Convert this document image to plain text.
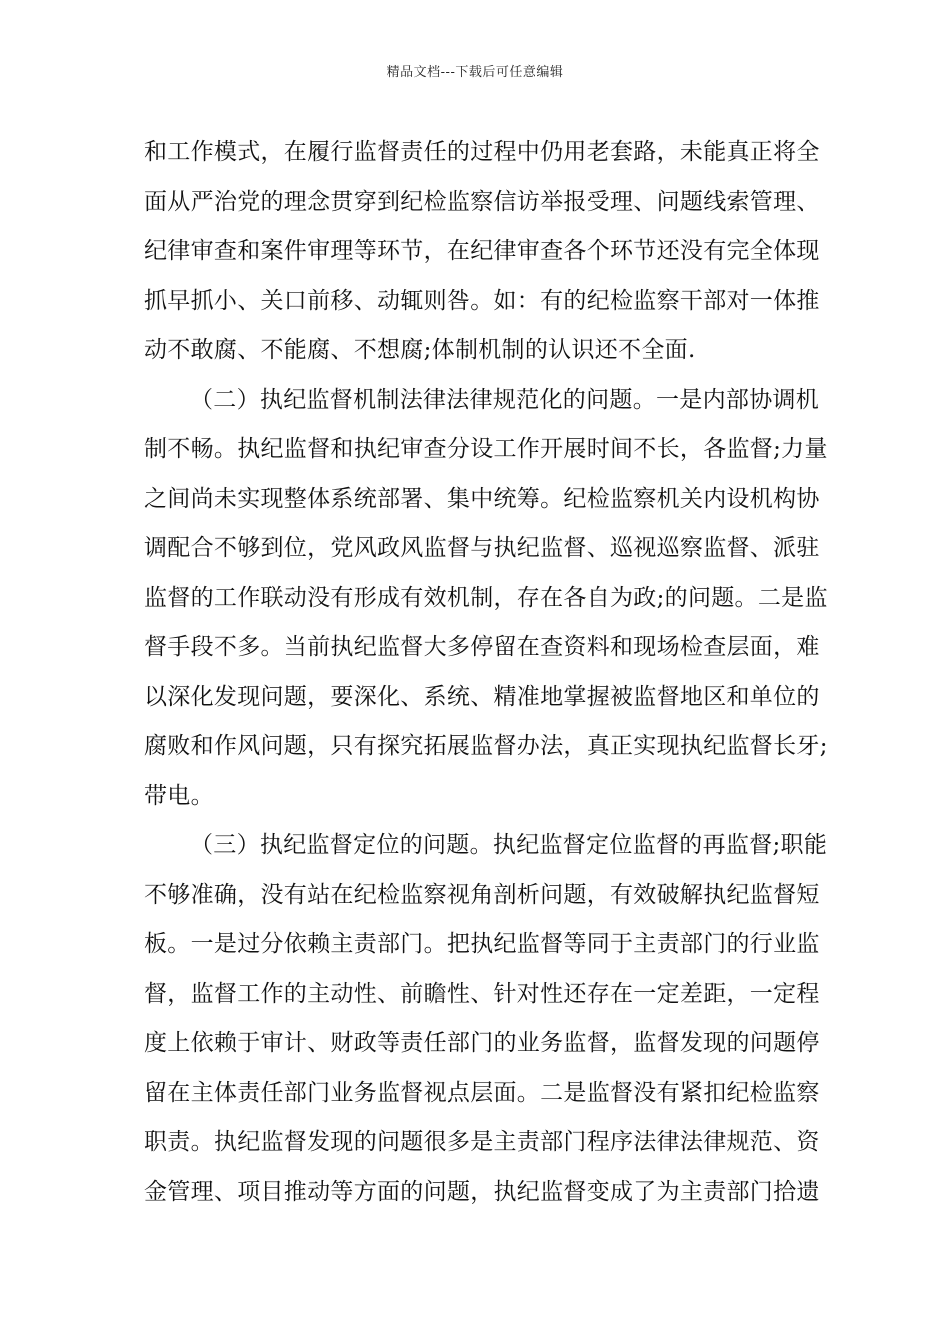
精品文档---下载后可任意编辑
和工作模式，在履行监督责任的过程中仍用老套路，未能真正将全
面从严治党的理念贯穿到纪检监察信访举报受理、问题线索管理、
纪律审查和案件审理等环节，在纪律审查各个环节还没有完全体现
抓早抓小、关口前移、动辄则咎。如：有的纪检监察干部对一体推
动不敢腐、不能腐、不想腐;体制机制的认识还不全面.
（二）执纪监督机制法律法律规范化的问题。一是内部协调机
制不畅。执纪监督和执纪审查分设工作开展时间不长，各监督;力量
之间尚未实现整体系统部署、集中统筹。纪检监察机关内设机构协
调配合不够到位，党风政风监督与执纪监督、巡视巡察监督、派驻
监督的工作联动没有形成有效机制，存在各自为政;的问题。二是监
督手段不多。当前执纪监督大多停留在查资料和现场检查层面，难
以深化发现问题，要深化、系统、精准地掌握被监督地区和单位的
腐败和作风问题，只有探究拓展监督办法，真正实现执纪监督长牙;
带电。
（三）执纪监督定位的问题。执纪监督定位监督的再监督;职能
不够准确，没有站在纪检监察视角剖析问题，有效破解执纪监督短
板。一是过分依赖主责部门。把执纪监督等同于主责部门的行业监
督，监督工作的主动性、前瞻性、针对性还存在一定差距，一定程
度上依赖于审计、财政等责任部门的业务监督，监督发现的问题停
留在主体责任部门业务监督视点层面。二是监督没有紧扣纪检监察
职责。执纪监督发现的问题很多是主责部门程序法律法律规范、资
金管理、项目推动等方面的问题，执纪监督变成了为主责部门拾遗
